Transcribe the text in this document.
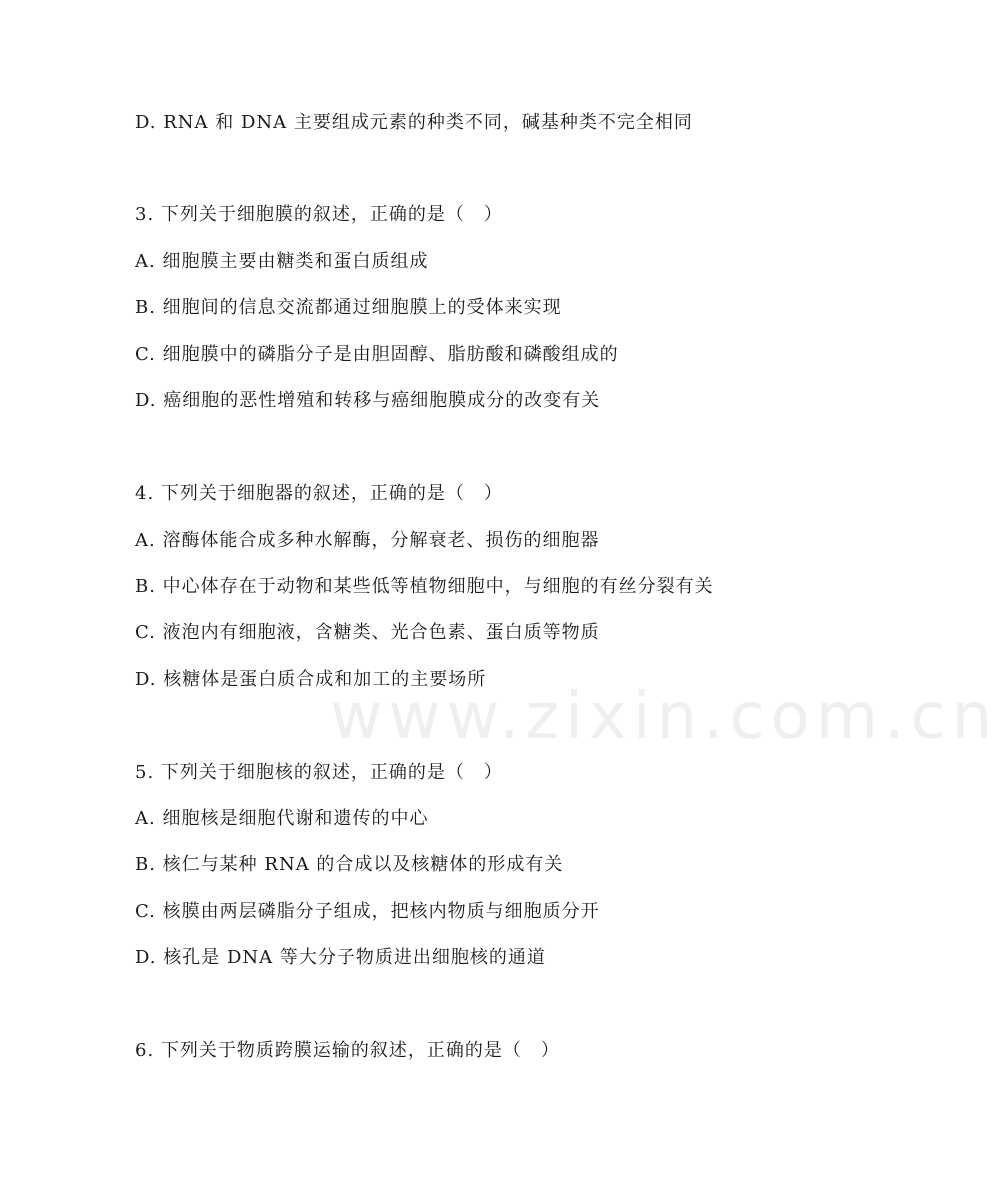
D. RNA 和 DNA 主要组成元素的种类不同，碱基种类不完全相同
3. 下列关于细胞膜的叙述，正确的是（　）
A. 细胞膜主要由糖类和蛋白质组成
B. 细胞间的信息交流都通过细胞膜上的受体来实现
C. 细胞膜中的磷脂分子是由胆固醇、脂肪酸和磷酸组成的
D. 癌细胞的恶性增殖和转移与癌细胞膜成分的改变有关
4. 下列关于细胞器的叙述，正确的是（　）
A. 溶酶体能合成多种水解酶，分解衰老、损伤的细胞器
B. 中心体存在于动物和某些低等植物细胞中，与细胞的有丝分裂有关
C. 液泡内有细胞液，含糖类、光合色素、蛋白质等物质
D. 核糖体是蛋白质合成和加工的主要场所
5. 下列关于细胞核的叙述，正确的是（　）
A. 细胞核是细胞代谢和遗传的中心
B. 核仁与某种 RNA 的合成以及核糖体的形成有关
C. 核膜由两层磷脂分子组成，把核内物质与细胞质分开
D. 核孔是 DNA 等大分子物质进出细胞核的通道
6. 下列关于物质跨膜运输的叙述，正确的是（　）
www.zixin.com.cn
